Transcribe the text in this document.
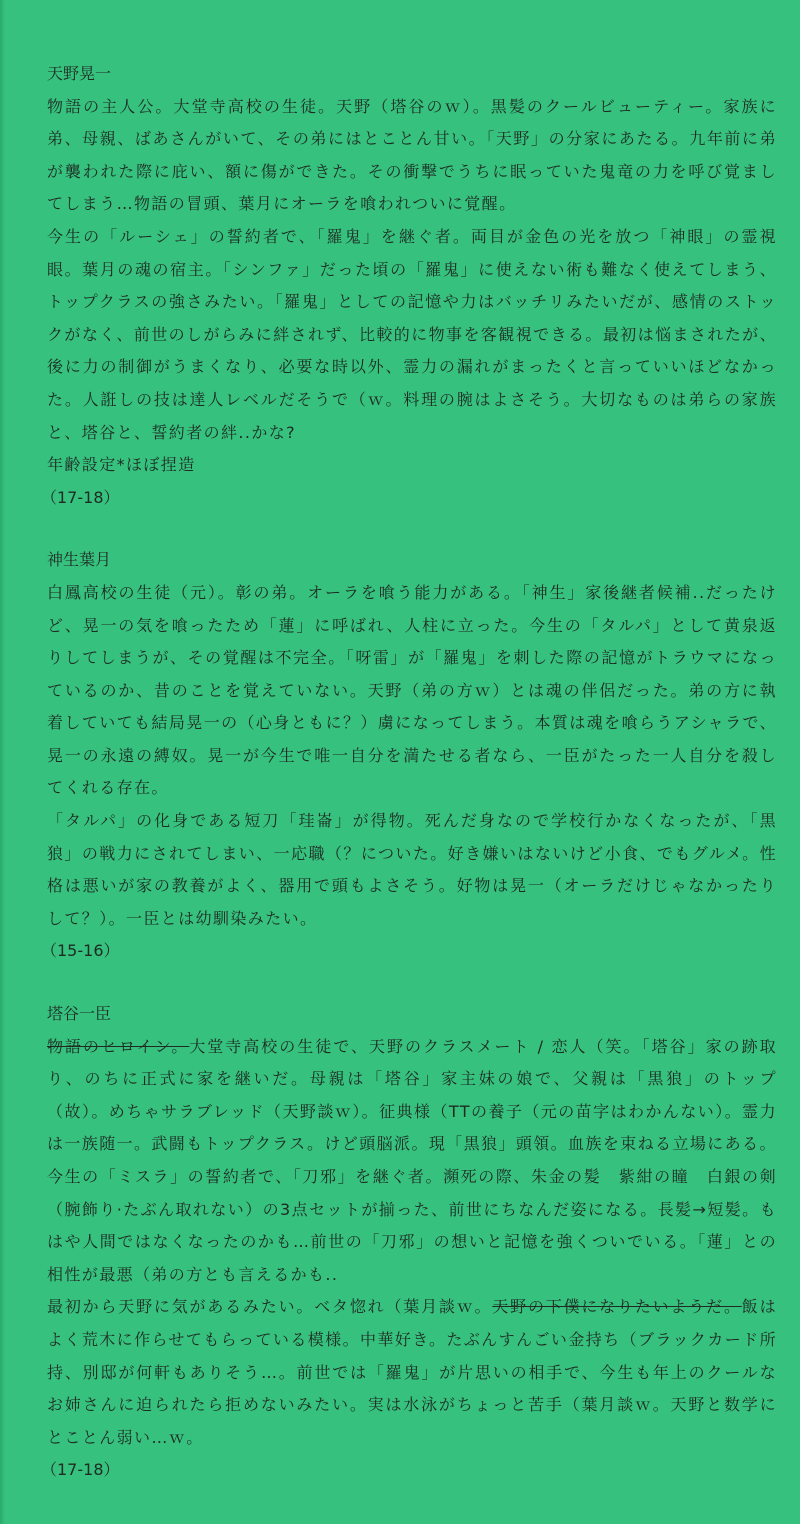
天野晃一

物語の主人公。大堂寺高校の生徒。天野（塔谷のｗ）。黒髪のクールビューティー。家族に弟、母親、ばあさんがいて、その弟にはとことん甘い。「天野」の分家にあたる。九年前に弟が襲われた際に庇い、額に傷ができた。その衝撃でうちに眠っていた鬼竜の力を呼び覚ましてしまう…物語の冒頭、葉月にオーラを喰われついに覚醒。

今生の「ルーシェ」の誓約者で、「羅鬼」を継ぐ者。両目が金色の光を放つ「神眼」の霊視眼。葉月の魂の宿主。「シンファ」だった頃の「羅鬼」に使えない術も難なく使えてしまう、トップクラスの強さみたい。「羅鬼」としての記憶や力はバッチリみたいだが、感情のストックがなく、前世のしがらみに絆されず、比較的に物事を客観視できる。最初は悩まされたが、後に力の制御がうまくなり、必要な時以外、霊力の漏れがまったくと言っていいほどなかった。人誑しの技は達人レベルだそうで（ｗ。料理の腕はよさそう。大切なものは弟らの家族と、塔谷と、誓約者の絆..かな?

年齢設定*ほぼ捏造

（17-18）

神生葉月

白鳳高校の生徒（元）。彰の弟。オーラを喰う能力がある。「神生」家後継者候補..だったけど、晃一の気を喰ったため「蓮」に呼ばれ、人柱に立った。今生の「タルパ」として黄泉返りしてしまうが、その覚醒は不完全。「呀雷」が「羅鬼」を刺した際の記憶がトラウマになっているのか、昔のことを覚えていない。天野（弟の方ｗ）とは魂の伴侶だった。弟の方に執着していても結局晃一の（心身ともに？）虜になってしまう。本質は魂を喰らうアシャラで、晃一の永遠の縛奴。晃一が今生で唯一自分を満たせる者なら、一臣がたった一人自分を殺してくれる存在。

「タルパ」の化身である短刀「珪崙」が得物。死んだ身なので学校行かなくなったが、「黒狼」の戦力にされてしまい、一応職（？についた。好き嫌いはないけど小食、でもグルメ。性格は悪いが家の教養がよく、器用で頭もよさそう。好物は晃一（オーラだけじゃなかったりして？）。一臣とは幼馴染みたい。

（15-16）

塔谷一臣

物語のヒロイン。大堂寺高校の生徒で、天野のクラスメート / 恋人（笑。「塔谷」家の跡取り、のちに正式に家を継いだ。母親は「塔谷」家主妹の娘で、父親は「黒狼」のトップ（故）。めちゃサラブレッド（天野談ｗ）。征典様（TTの養子（元の苗字はわかんない）。霊力は一族随一。武闘もトップクラス。けど頭脳派。現「黒狼」頭領。血族を束ねる立場にある。

今生の「ミスラ」の誓約者で、「刀邪」を継ぐ者。瀕死の際、朱金の髪　紫紺の瞳　白銀の剣（腕飾り·たぶん取れない）の3点セットが揃った、前世にちなんだ姿になる。長髪→短髪。もはや人間ではなくなったのかも…前世の「刀邪」の想いと記憶を強くついでいる。「蓮」との相性が最悪（弟の方とも言えるかも..

最初から天野に気があるみたい。ベタ惚れ（葉月談ｗ。天野の下僕になりたいようだ。飯はよく荒木に作らせてもらっている模様。中華好き。たぶんすんごい金持ち（ブラックカード所持、別邸が何軒もありそう…。前世では「羅鬼」が片思いの相手で、今生も年上のクールなお姉さんに迫られたら拒めないみたい。実は水泳がちょっと苦手（葉月談ｗ。天野と数学にとことん弱い…ｗ。

（17-18）
